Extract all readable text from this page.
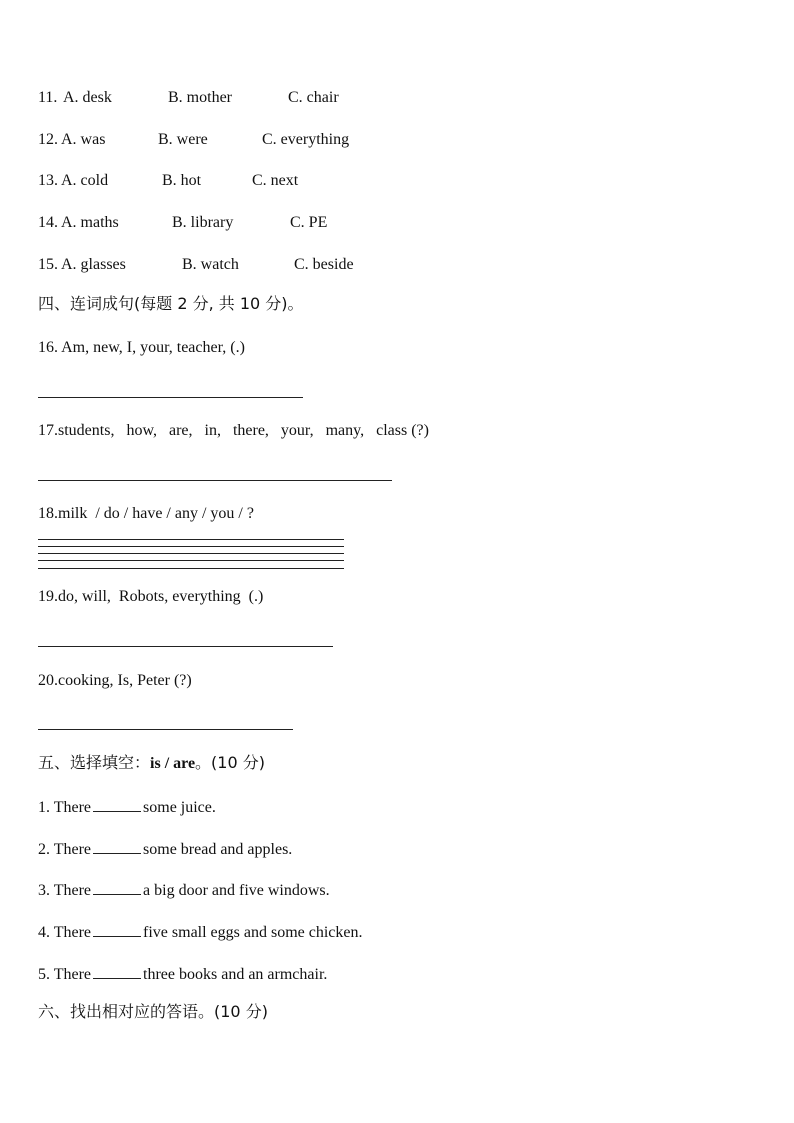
11. A. desk	B. mother	C. chair
12. A. was	B. were	C. everything
13. A. cold	B. hot	C. next
14. A. maths	B. library	C. PE
15. A. glasses	B. watch	C. beside
四、连词成句(每题 2 分, 共 10 分)。
16. Am, new, I, your, teacher, (.)
17.students,   how,   are,   in,   there,   your,   many,   class (?)
18.milk  / do / have / any / you / ?
19.do, will,  Robots, everything  (.)
20.cooking, Is, Peter (?)
五、选择填空：is / are。(10 分)
1. There	some juice.
2. There	some bread and apples.
3. There	a big door and five windows.
4. There	five small eggs and some chicken.
5. There	three books and an armchair.
六、找出相对应的答语。(10 分)
